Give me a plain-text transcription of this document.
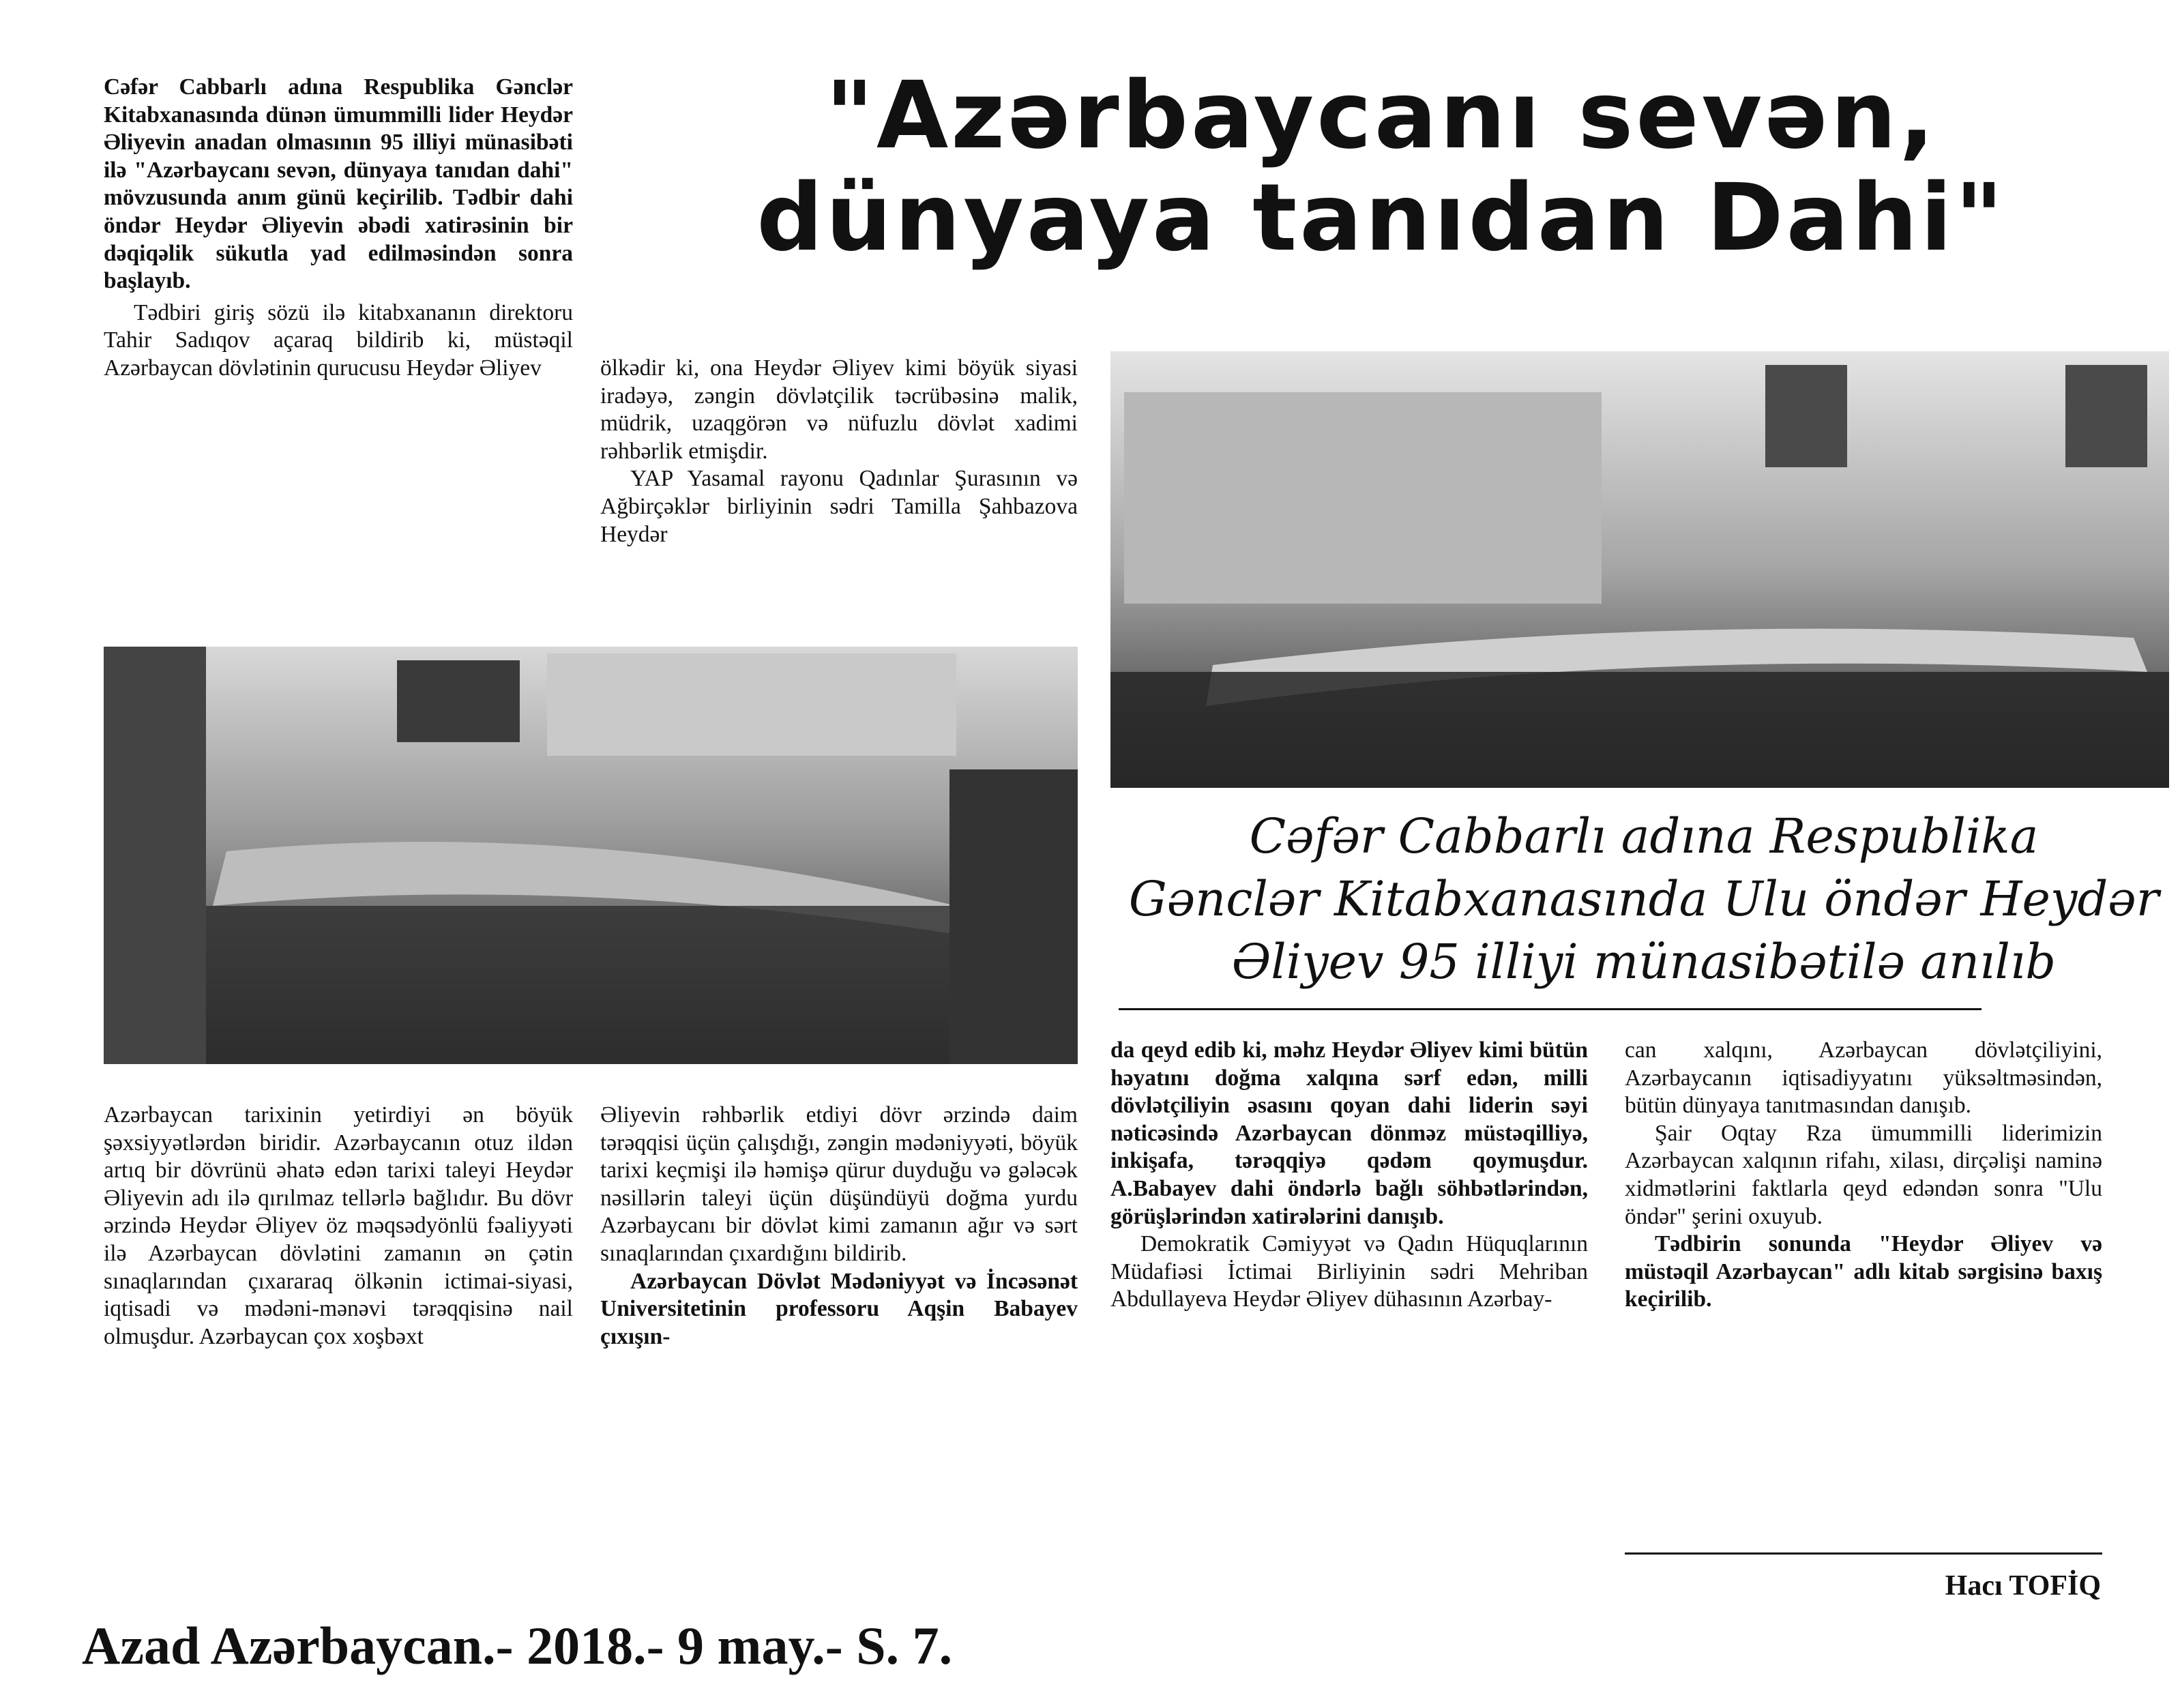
"Azərbaycanı sevən,
dünyaya tanıdan Dahi"

Cəfər Cabbarlı adına Respublika Gənclər Kitabxanasında dünən ümummilli lider Heydər Əliyevin anadan olmasının 95 illiyi münasibəti ilə "Azərbaycanı sevən, dünyaya tanıdan dahi" mövzusunda anım günü keçirilib. Tədbir dahi öndər Heydər Əliyevin əbədi xatirəsinin bir dəqiqəlik sükutla yad edilməsindən sonra başlayıb.

Tədbiri giriş sözü ilə kitabxananın direktoru Tahir Sadıqov açaraq bildirib ki, müstəqil Azərbaycan dövlətinin qurucusu Heydər Əliyev	ölkədir ki, ona Heydər Əliyev kimi böyük siyasi iradəyə, zəngin dövlətçilik təcrübəsinə malik, müdrik, uzaqgörən və nüfuzlu dövlət xadimi rəhbərlik etmişdir.

YAP Yasamal rayonu Qadınlar Şurasının və Ağbirçəklər birliyinin sədri Tamilla Şahbazova Heydər

Cəfər Cabbarlı adına Respublika
Gənclər Kitabxanasında Ulu öndər Heydər
Əliyev 95 illiyi münasibətilə anılıb

Azərbaycan tarixinin yetirdiyi ən böyük şəxsiyyətlərdən biridir. Azərbaycanın otuz ildən artıq bir dövrünü əhatə edən tarixi taleyi Heydər Əliyevin adı ilə qırılmaz tellərlə bağlıdır. Bu dövr ərzində Heydər Əliyev öz məqsədyönlü fəaliyyəti ilə Azərbaycan dövlətini zamanın ən çətin sınaqlarından çıxararaq ölkənin ictimai-siyasi, iqtisadi və mədəni-mənəvi tərəqqisinə nail olmuşdur. Azərbaycan çox xoşbəxt

Əliyevin rəhbərlik etdiyi dövr ərzində daim tərəqqisi üçün çalışdığı, zəngin mədəniyyəti, böyük tarixi keçmişi ilə həmişə qürur duyduğu və gələcək nəsillərin taleyi üçün düşündüyü doğma yurdu Azərbaycanı bir dövlət kimi zamanın ağır və sərt sınaqlarından çıxardığını bildirib.

Azərbaycan Dövlət Mədəniyyət və İncəsənət Universitetinin professoru Aqşin Babayev çıxışın-

da qeyd edib ki, məhz Heydər Əliyev kimi bütün həyatını doğma xalqına sərf edən, milli dövlətçiliyin əsasını qoyan dahi liderin səyi nəticəsində Azərbaycan dönməz müstəqilliyə, inkişafa, tərəqqiyə qədəm qoymuşdur. A.Babayev dahi öndərlə bağlı söhbətlərindən, görüşlərindən xatirələrini danışıb.

Demokratik Cəmiyyət və Qadın Hüquqlarının Müdafiəsi İctimai Birliyinin sədri Mehriban Abdullayeva Heydər Əliyev dühasının Azərbay-

can xalqını, Azərbaycan dövlətçiliyini, Azərbaycanın iqtisadiyyatını yüksəltməsindən, bütün dünyaya tanıtmasından danışıb.

Şair Oqtay Rza ümummilli liderimizin Azərbaycan xalqının rifahı, xilası, dirçəlişi naminə xidmətlərini faktlarla qeyd edəndən sonra "Ulu öndər" şerini oxuyub.

Tədbirin sonunda "Heydər Əliyev və müstəqil Azərbaycan" adlı kitab sərgisinə baxış keçirilib.

Hacı TOFİQ
Azad Azərbaycan.- 2018.- 9 may.- S. 7.
